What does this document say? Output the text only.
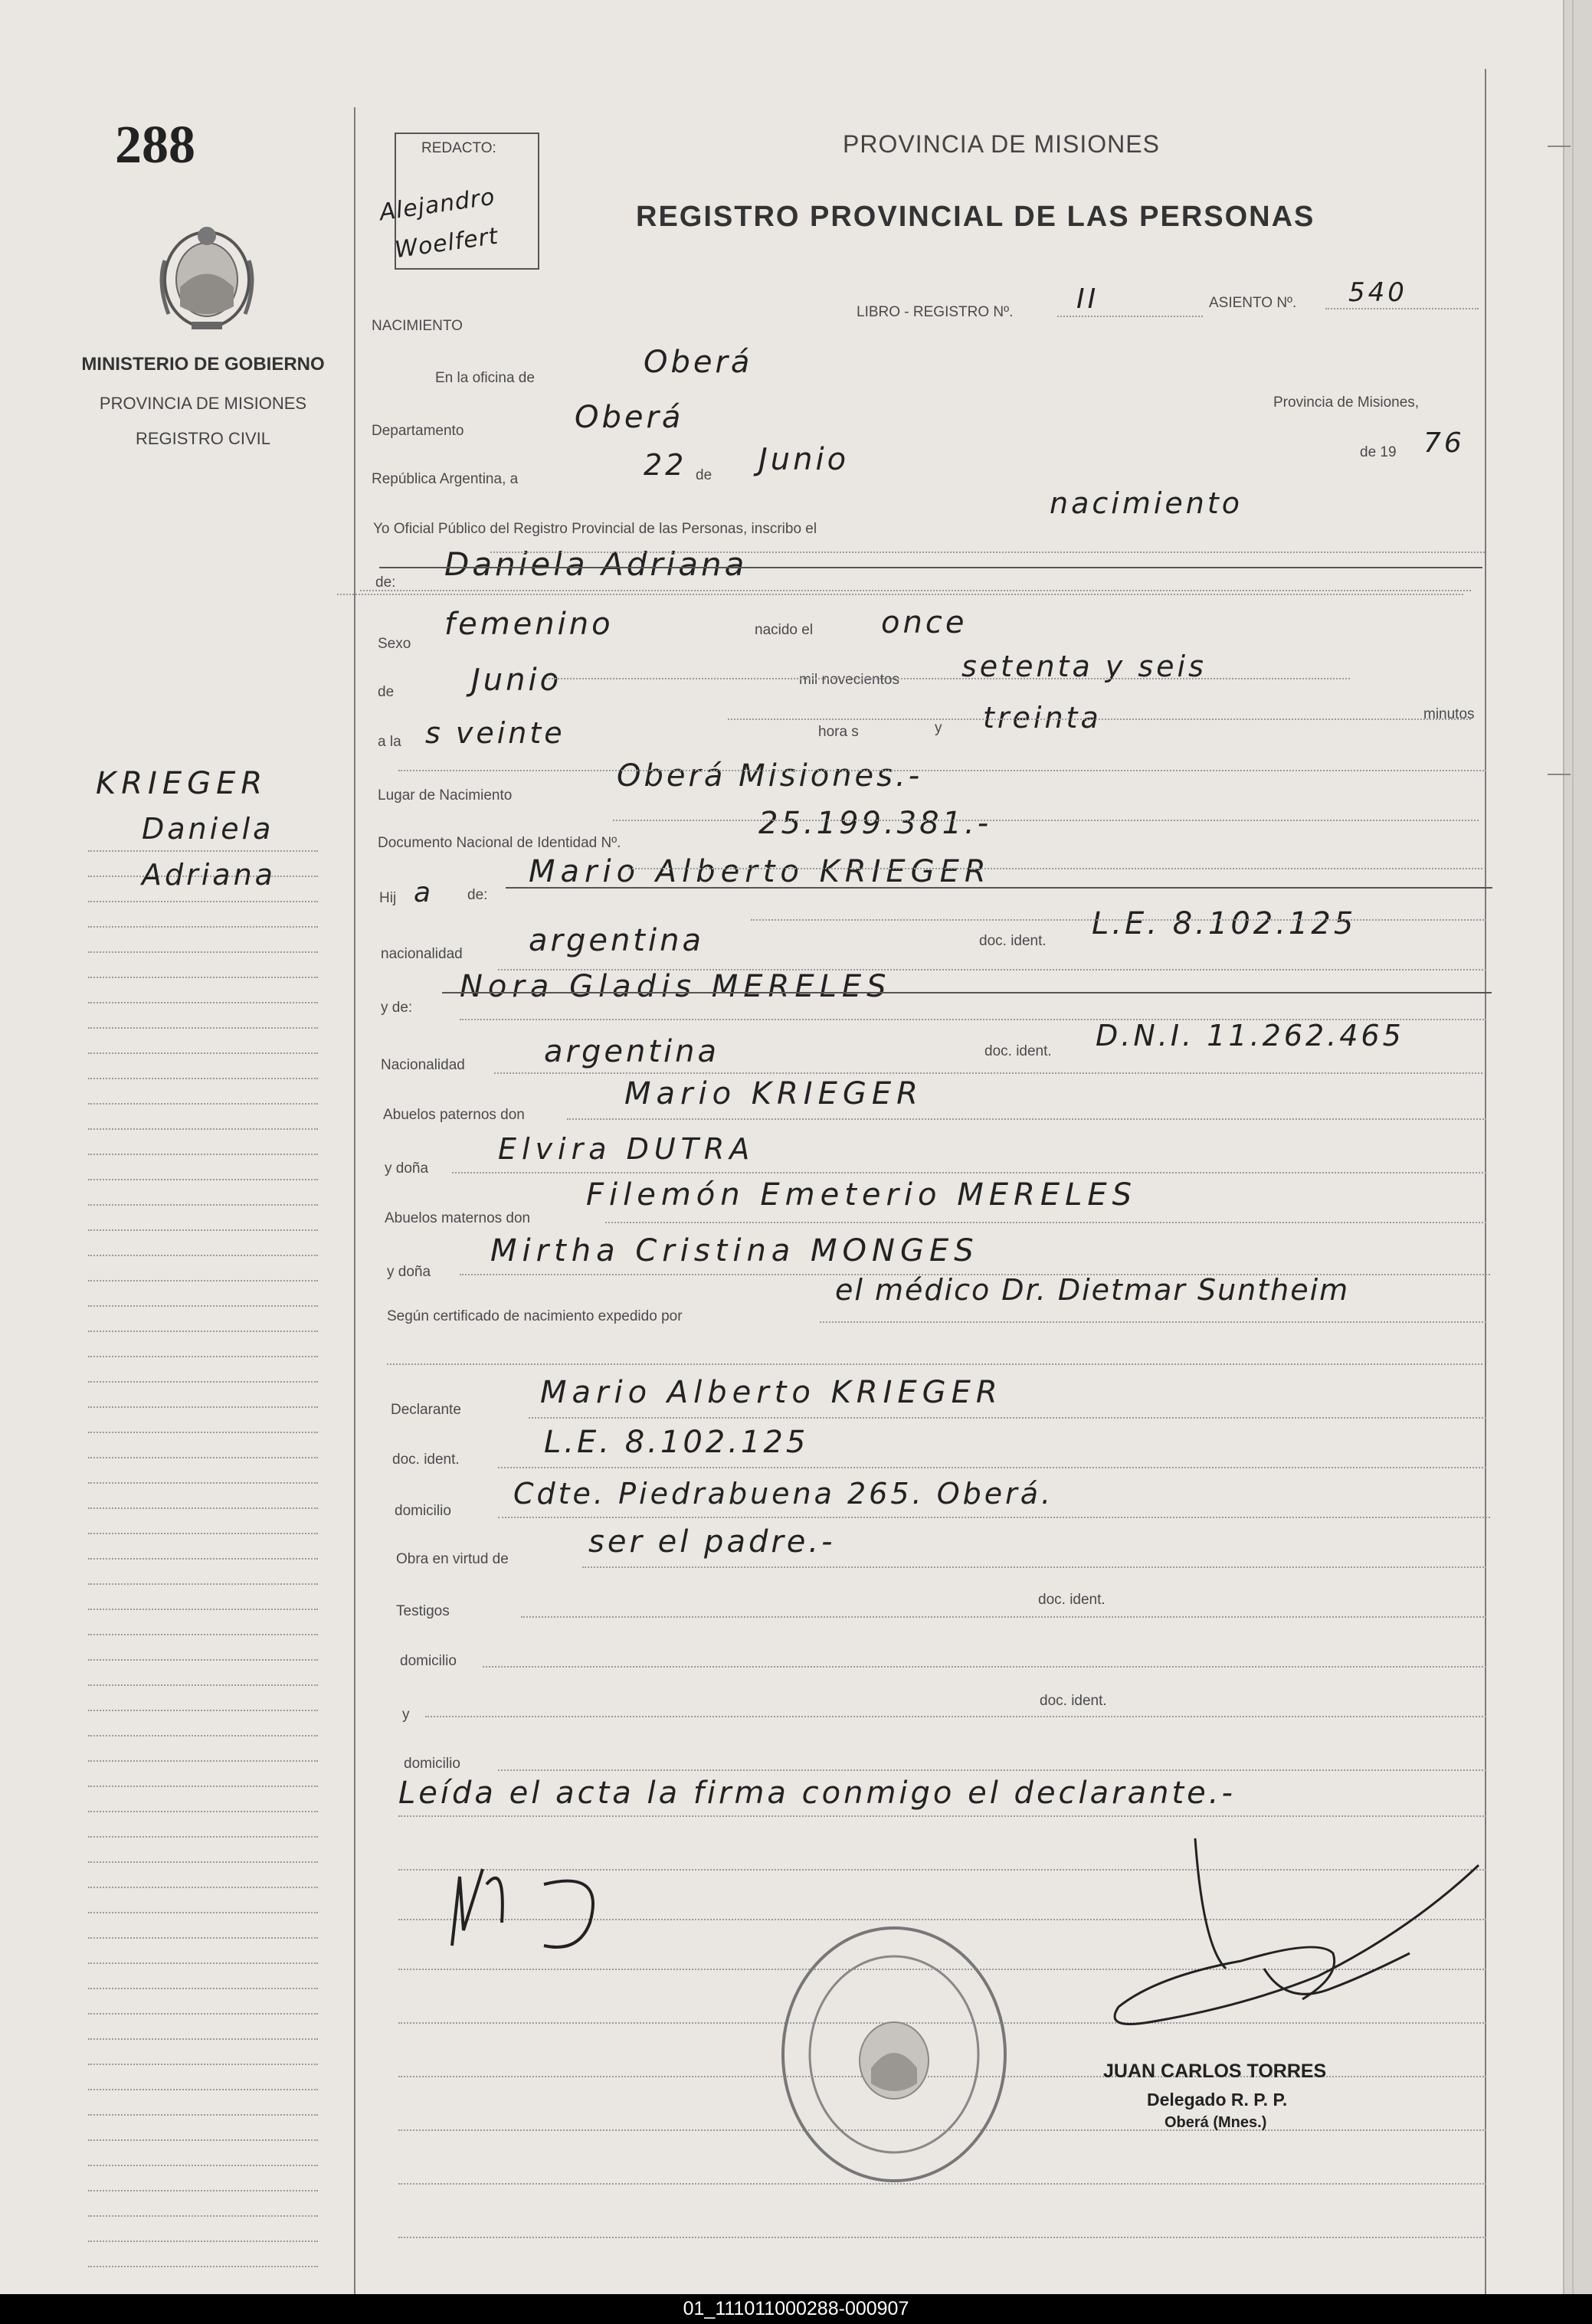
288
MINISTERIO DE GOBIERNO
PROVINCIA DE MISIONES
REGISTRO CIVIL
KRIEGER
Daniela
Adriana
REDACTO:
Alejandro
Woelfert
PROVINCIA DE MISIONES
REGISTRO PROVINCIAL DE LAS PERSONAS
NACIMIENTO
LIBRO - REGISTRO Nº. II	ASIENTO Nº. 540
En la oficina de	Oberá
Departamento	Oberá	Provincia de Misiones,
República Argentina, a	22 de Junio	de 19 76
Yo Oficial Público del Registro Provincial de las Personas, inscribo el
nacimiento
de: Daniela Adriana
Sexo
femenino	nacido el once
de	Junio	mil novecientos setenta y seis
a la s veinte	hora s	y treinta	minutos
Lugar de Nacimiento
Oberá Misiones.-
Documento Nacional de Identidad Nº.
25.199.381.-
Hij a de:
Mario Alberto KRIEGER
nacionalidad argentina	doc. ident. L.E. 8.102.125
y de:
Nora Gladis MERELES
Nacionalidad	argentina	doc. ident. D.N.I. 11.262.465
Abuelos paternos don
Mario KRIEGER
y doña
Elvira DUTRA
Abuelos maternos don
Filemón Emeterio MERELES
y doña
Mirtha Cristina MONGES
Según certificado de nacimiento expedido por
el médico Dr. Dietmar Suntheim
Declarante	Mario Alberto KRIEGER
doc. ident.	L.E. 8.102.125
domicilio
Cdte. Piedrabuena 265. Oberá.
Obra en virtud de	ser el padre.-
Testigos
doc. ident.
domicilio
y
doc. ident.
domicilio
Leída el acta la firma conmigo el declarante.-
JUAN CARLOS TORRES
Delegado R. P. P.
Oberá (Mnes.)
01_111011000288-000907
